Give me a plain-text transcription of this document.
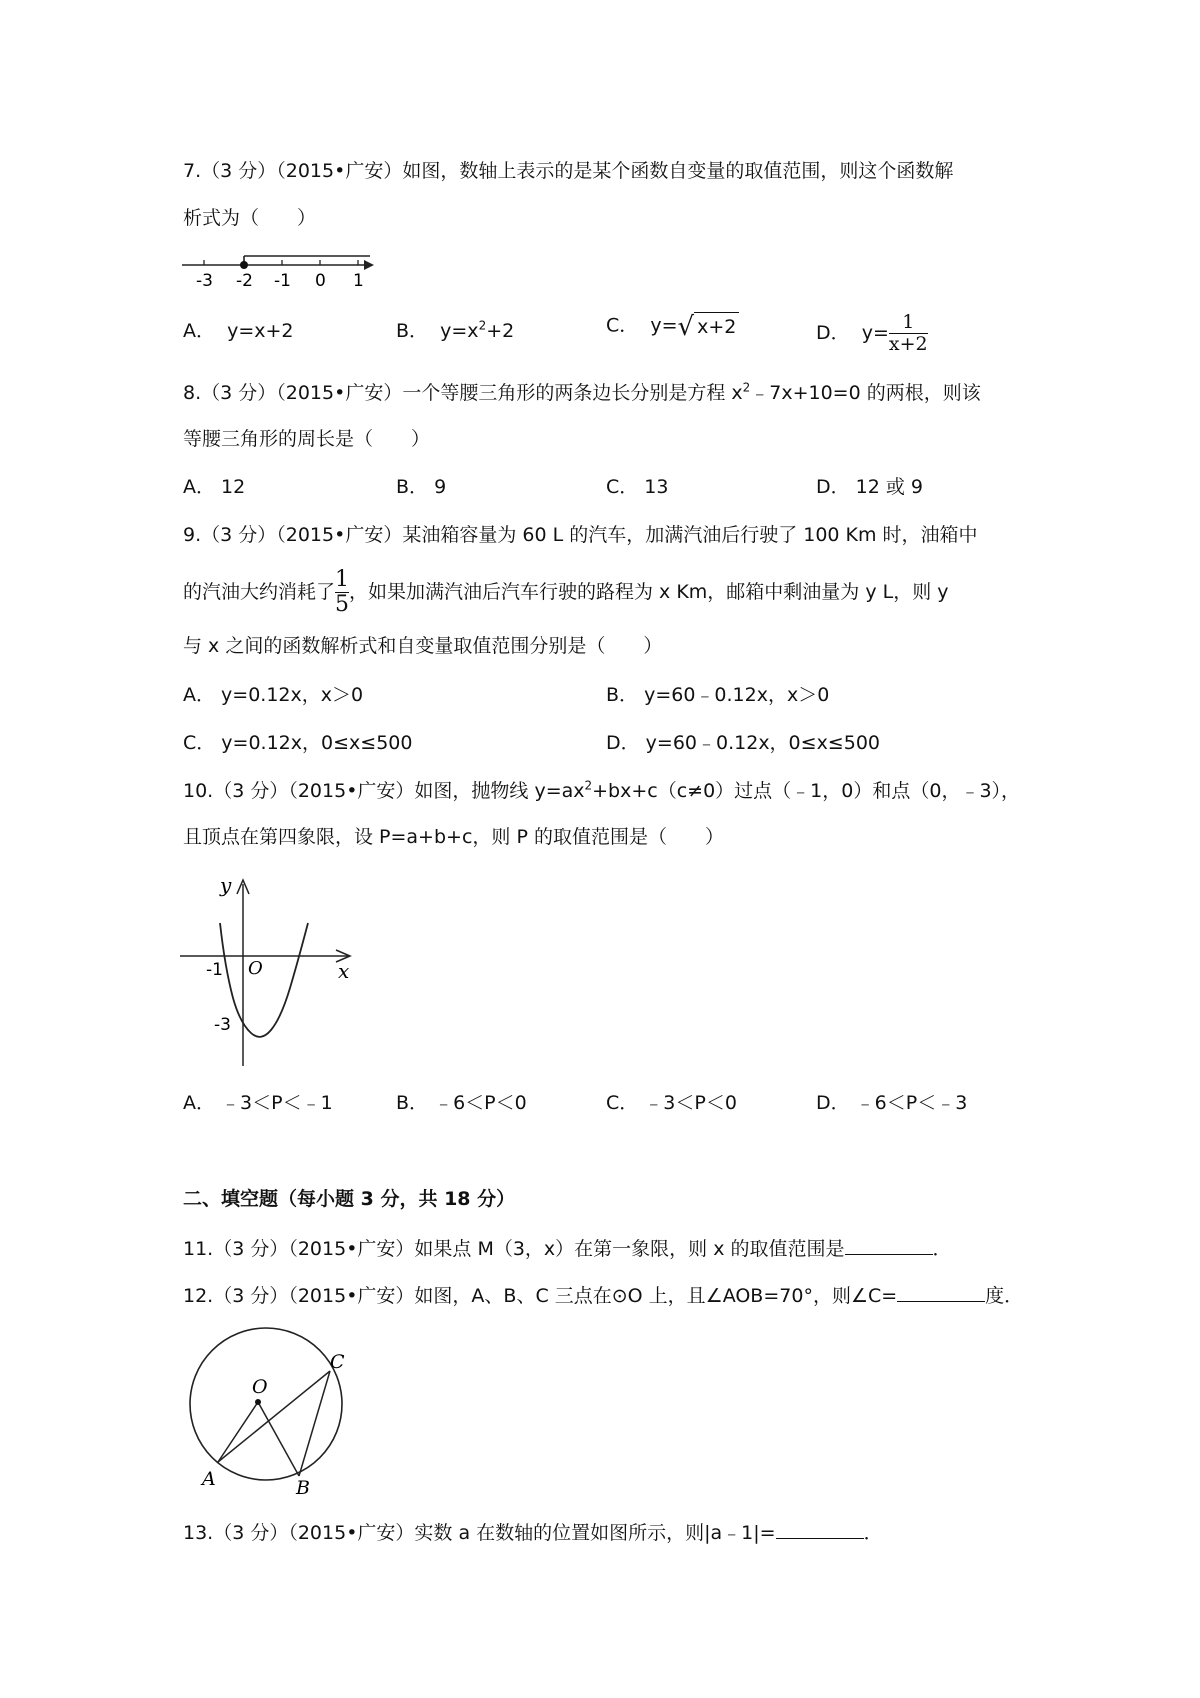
7.（3 分）（2015•广安）如图，数轴上表示的是某个函数自变量的取值范围，则这个函数解
析式为（　　）
-3 -2 -1 0 1
A． y=x+2	B． $y=x^2+2$	C． y= √ x+2	D． $y= \frac{1}{x+2}$
8.（3 分）（2015•广安）一个等腰三角形的两条边长分别是方程 $x^2﹣7x+10=0$ 的两根，则该
等腰三角形的周长是（　　）
A． 12	B． 9	C． 13	D． 12 或 9
9.（3 分）（2015•广安）某油箱容量为 60 L 的汽车，加满汽油后行驶了 100 Km 时，油箱中
的汽油大约消耗了 $\frac{1}{5}$ ，如果加满汽油后汽车行驶的路程为 x Km，邮箱中剩油量为 y L，则 y
与 x 之间的函数解析式和自变量取值范围分别是（　　）
A． y=0.12x，x＞0	B． y=60﹣0.12x，x＞0
C． y=0.12x，0≤x≤500	D． y=60﹣0.12x，0≤x≤500
10.（3 分）（2015•广安）如图，抛物线 $y=ax^2+bx+c(c\ne 0)$过点（﹣1，0）和点（0，﹣3），
且顶点在第四象限，设 P=a+b+c，则 P 的取值范围是（　　）
y
x
O
-1
-3
A． ﹣3＜P＜﹣1	B． ﹣6＜P＜0	C． ﹣3＜P＜0	D． ﹣6＜P＜﹣3
二、填空题（每小题 3 分，共 18 分）
11.（3 分）（2015•广安）如果点 M（3，x）在第一象限，则 x 的取值范围是	．
12.（3 分）（2015•广安）如图，A、B、C 三点在⊙O 上，且∠AOB=70°，则∠C=	度．
O
A	B
C
13.（3 分）（2015•广安）实数 a 在数轴的位置如图所示，则|a﹣1|=	．
